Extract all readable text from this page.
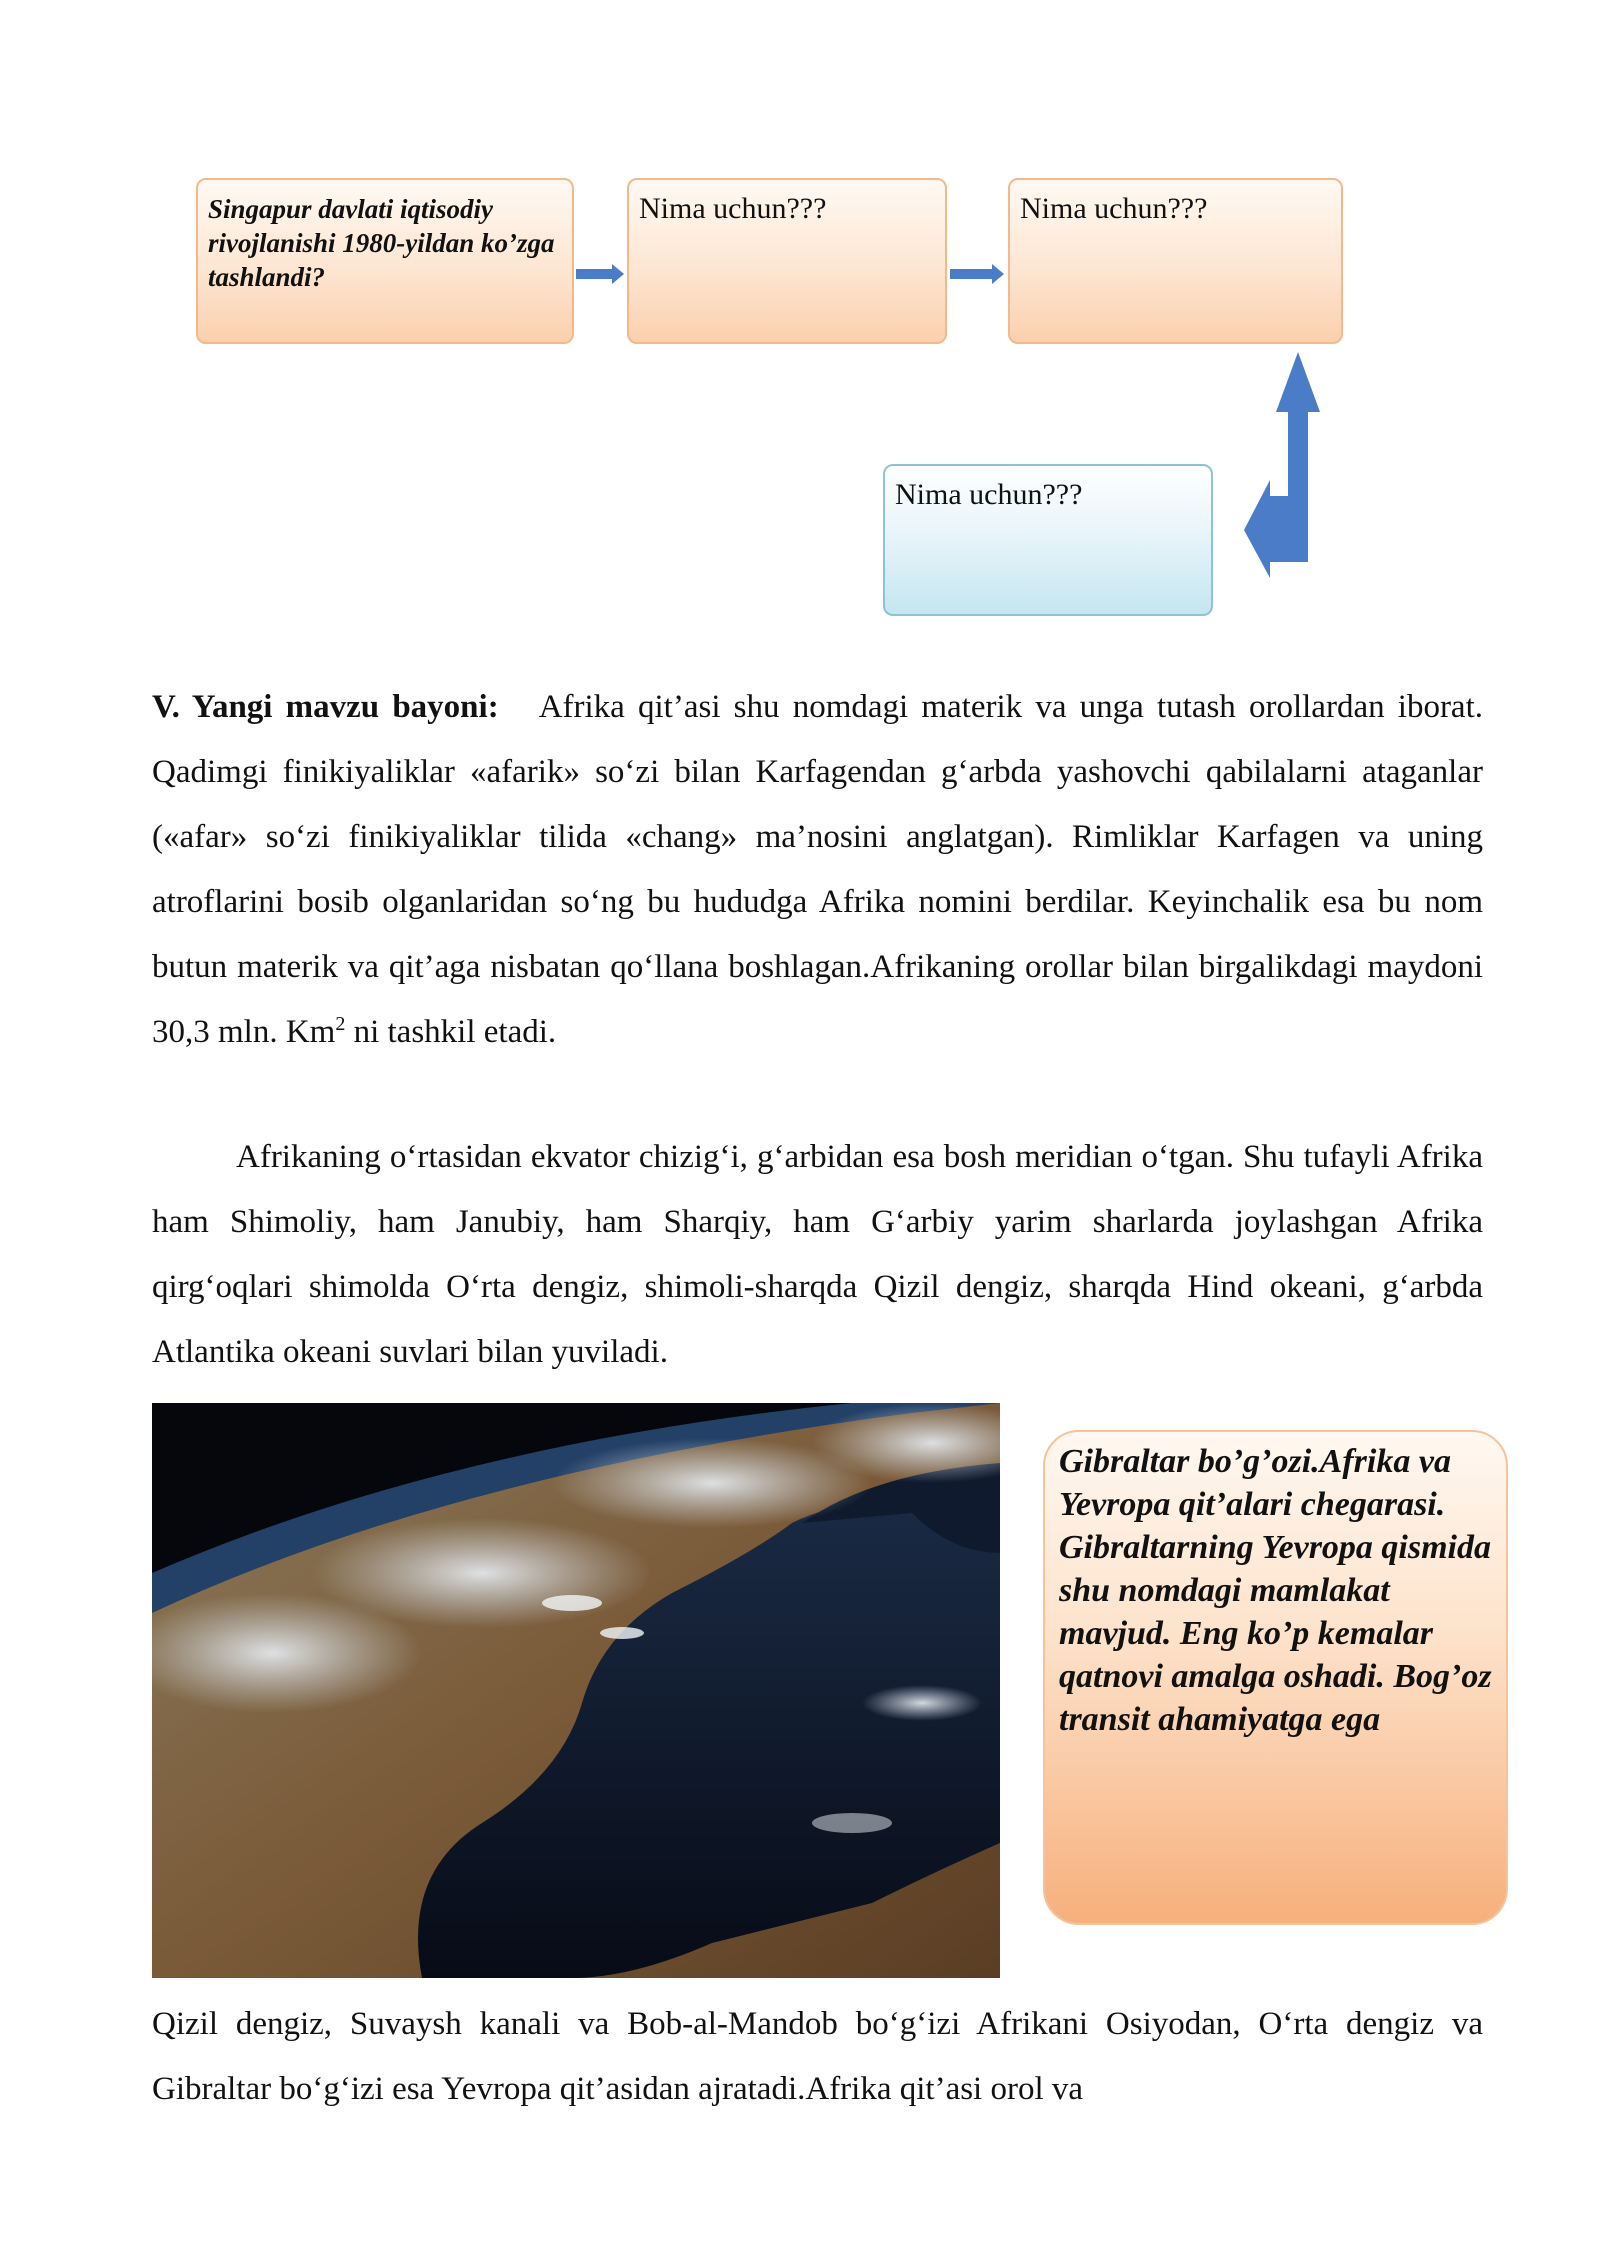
Singapur davlati iqtisodiy rivojlanishi 1980-yildan ko’zga tashlandi?
Nima uchun???	Nima uchun???
Nima uchun???

V. Yangi mavzu bayoni: Afrika qit’asi shu nomdagi materik va unga tutash orollardan iborat. Qadimgi finikiyaliklar «afarik» so‘zi bilan Karfagendan g‘arbda yashovchi qabilalarni ataganlar («afar» so‘zi finikiyaliklar tilida «chang» ma’nosini anglatgan). Rimliklar Karfagen va uning atroflarini bosib olganlaridan so‘ng bu hududga Afrika nomini berdilar. Keyinchalik esa bu nom butun materik va qit’aga nisbatan qo‘llana boshlagan.Afrikaning orollar bilan birgalikdagi maydoni 30,3 mln. Km$^2$ ni tashkil etadi.

Afrikaning o‘rtasidan ekvator chizig‘i, g‘arbidan esa bosh meridian o‘tgan. Shu tufayli Afrika ham Shimoliy, ham Janubiy, ham Sharqiy, ham G‘arbiy yarim sharlarda joylashgan Afrika qirg‘oqlari shimolda O‘rta dengiz, shimoli-sharqda Qizil dengiz, sharqda Hind okeani, g‘arbda Atlantika okeani suvlari bilan yuviladi.

Gibraltar bo’g’ozi.Afrika va Yevropa qit’alari chegarasi. Gibraltarning Yevropa qismida shu nomdagi mamlakat mavjud. Eng ko’p kemalar qatnovi amalga oshadi. Bog’oz transit ahamiyatga ega

Qizil dengiz, Suvaysh kanali va Bob-al-Mandob bo‘g‘izi Afrikani Osiyodan, O‘rta dengiz va Gibraltar bo‘g‘izi esa Yevropa qit’asidan ajratadi.Afrika qit’asi orol va
